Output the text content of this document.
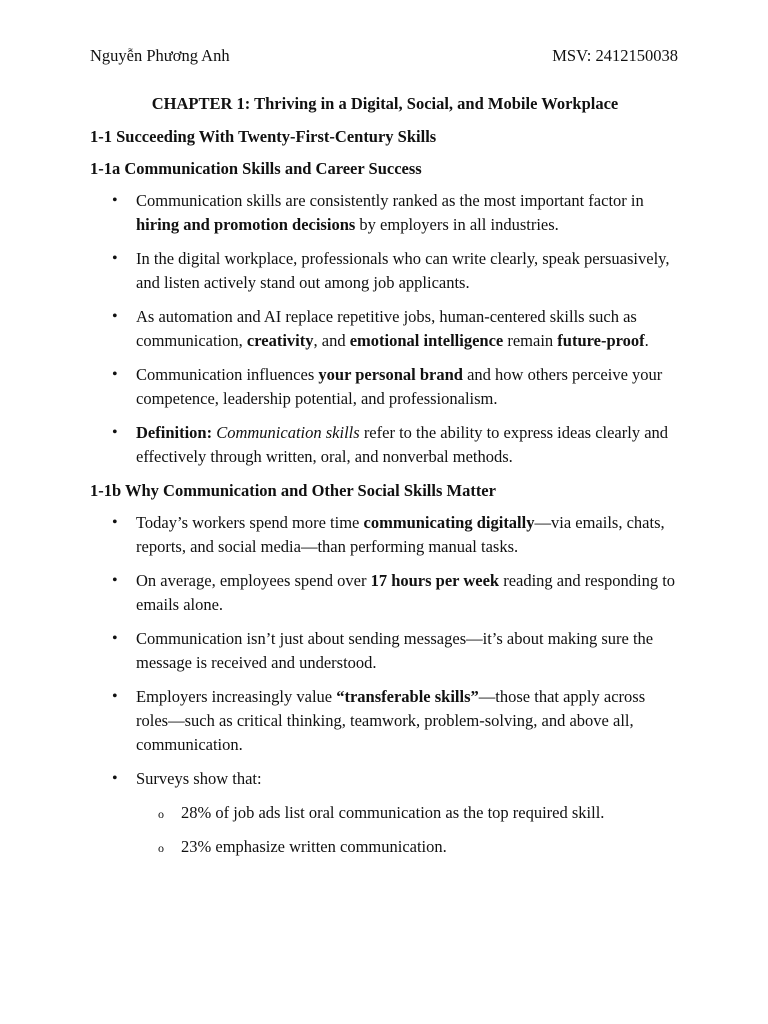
Nguyễn Phương Anh	MSV: 2412150038

CHAPTER 1: Thriving in a Digital, Social, and Mobile Workplace

1-1 Succeeding With Twenty-First-Century Skills
1-1a Communication Skills and Career Success
• Communication skills are consistently ranked as the most important factor in hiring and promotion decisions by employers in all industries.
• In the digital workplace, professionals who can write clearly, speak persuasively, and listen actively stand out among job applicants.
• As automation and AI replace repetitive jobs, human-centered skills such as communication, creativity, and emotional intelligence remain future-proof.
• Communication influences your personal brand and how others perceive your competence, leadership potential, and professionalism.
• Definition: Communication skills refer to the ability to express ideas clearly and effectively through written, oral, and nonverbal methods.
1-1b Why Communication and Other Social Skills Matter
• Today’s workers spend more time communicating digitally—via emails, chats, reports, and social media—than performing manual tasks.
• On average, employees spend over 17 hours per week reading and responding to emails alone.
• Communication isn’t just about sending messages—it’s about making sure the message is received and understood.
• Employers increasingly value “transferable skills”—those that apply across roles—such as critical thinking, teamwork, problem-solving, and above all, communication.
• Surveys show that:
o 28% of job ads list oral communication as the top required skill.
o 23% emphasize written communication.
